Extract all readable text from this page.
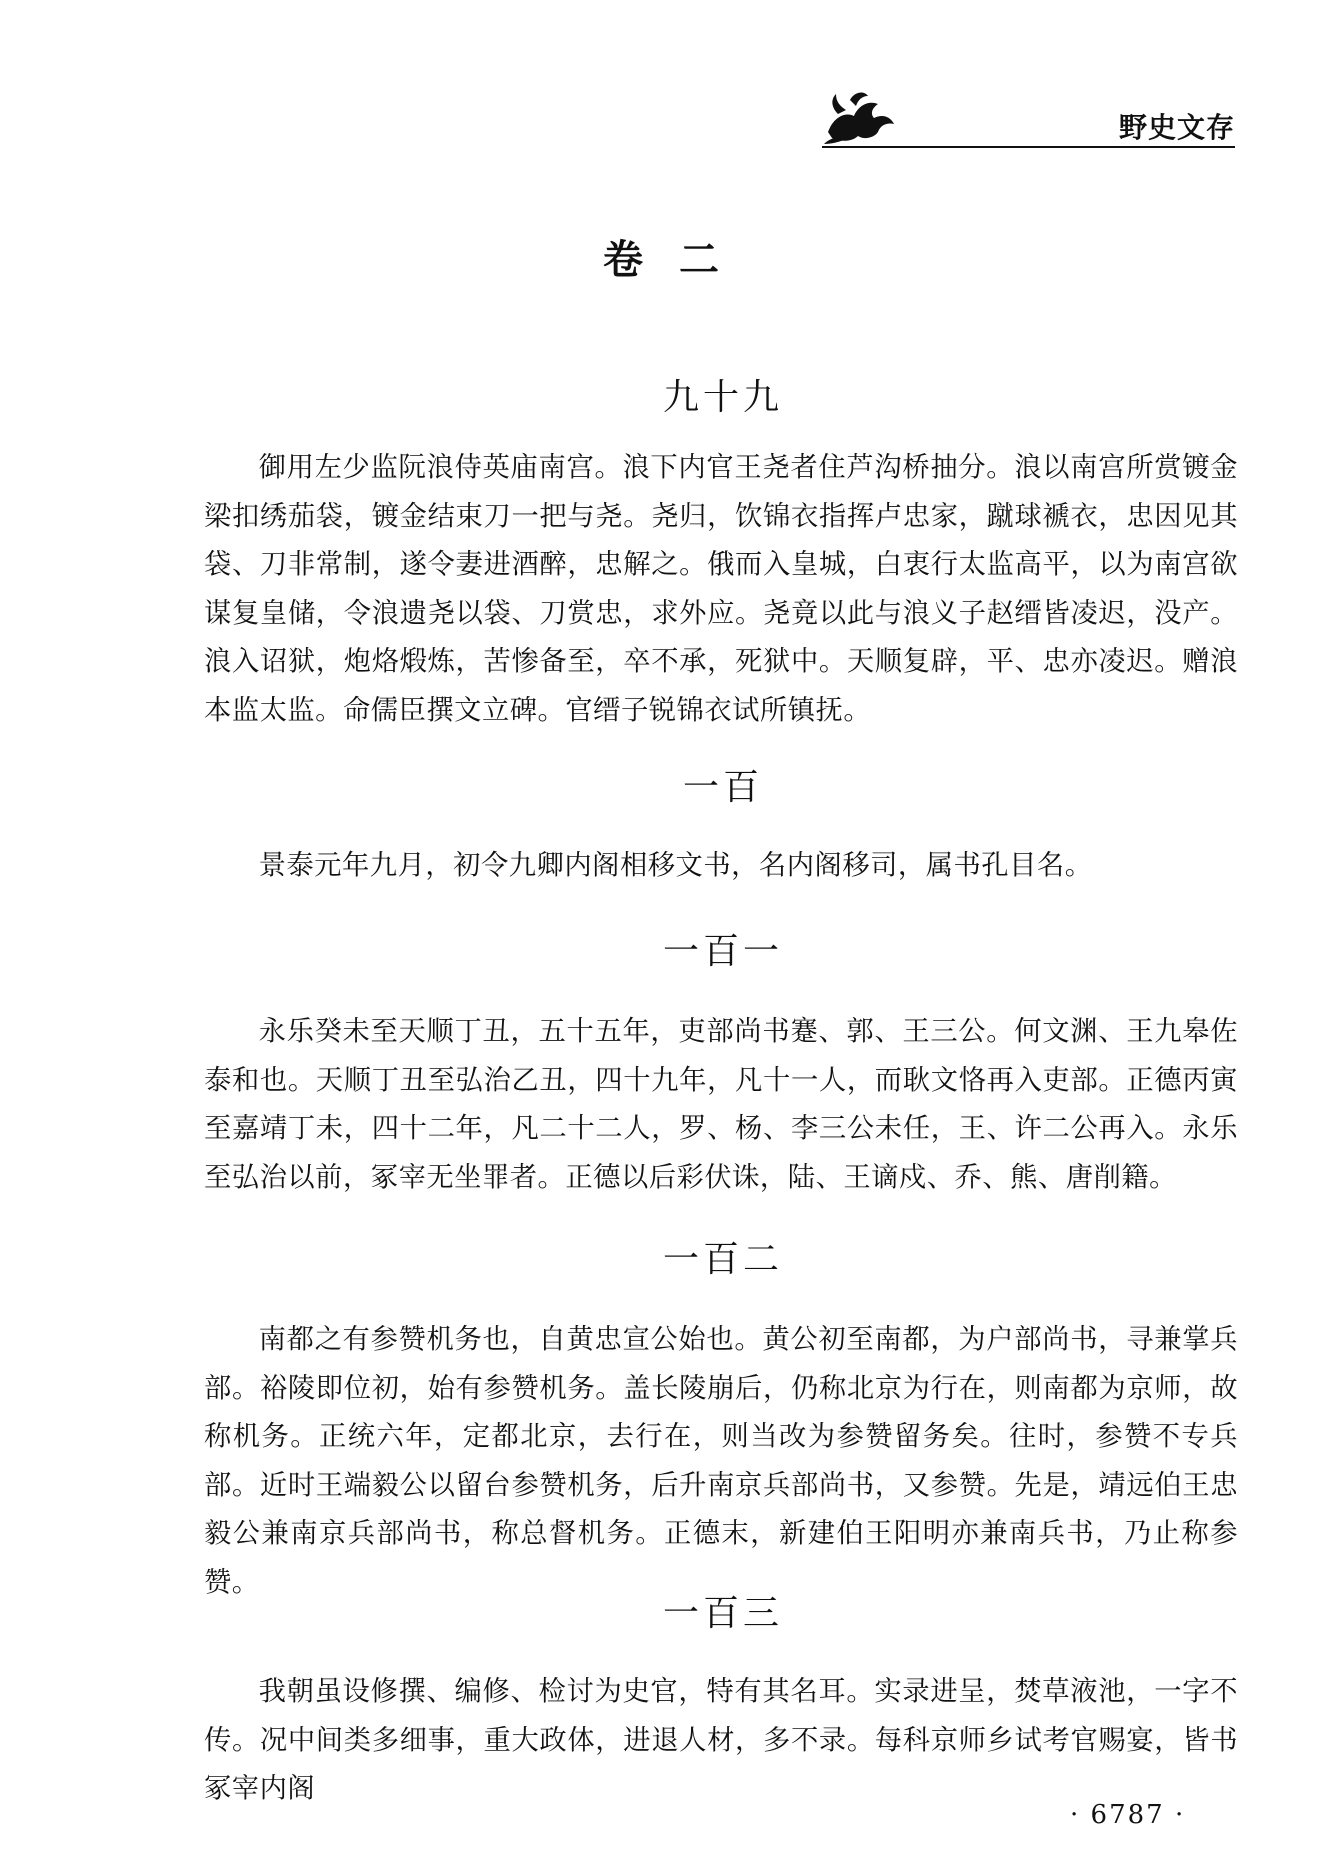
野史文存
卷二
九十九

御用左少监阮浪侍英庙南宫。浪下内官王尧者住芦沟桥抽分。浪以南宫所赏镀金梁扣绣茄袋，镀金结束刀一把与尧。尧归，饮锦衣指挥卢忠家，蹴球褫衣，忠因见其袋、刀非常制，遂令妻进酒醉，忠解之。俄而入皇城，白衷行太监高平，以为南宫欲谋复皇储，令浪遗尧以袋、刀赏忠，求外应。尧竟以此与浪义子赵缙皆凌迟，没产。浪入诏狱，炮烙煅炼，苦惨备至，卒不承，死狱中。天顺复辟，平、忠亦凌迟。赠浪本监太监。命儒臣撰文立碑。官缙子锐锦衣试所镇抚。

一百

景泰元年九月，初令九卿内阁相移文书，名内阁移司，属书孔目名。

一百一

永乐癸未至天顺丁丑，五十五年，吏部尚书蹇、郭、王三公。何文渊、王九皋佐泰和也。天顺丁丑至弘治乙丑，四十九年，凡十一人，而耿文恪再入吏部。正德丙寅至嘉靖丁未，四十二年，凡二十二人，罗、杨、李三公未任，王、许二公再入。永乐至弘治以前，冢宰无坐罪者。正德以后彩伏诛，陆、王谪戍、乔、熊、唐削籍。

一百二

南都之有参赞机务也，自黄忠宣公始也。黄公初至南都，为户部尚书，寻兼掌兵部。裕陵即位初，始有参赞机务。盖长陵崩后，仍称北京为行在，则南都为京师，故称机务。正统六年，定都北京，去行在，则当改为参赞留务矣。往时，参赞不专兵部。近时王端毅公以留台参赞机务，后升南京兵部尚书，又参赞。先是，靖远伯王忠毅公兼南京兵部尚书，称总督机务。正德末，新建伯王阳明亦兼南兵书，乃止称参赞。

一百三

我朝虽设修撰、编修、检讨为史官，特有其名耳。实录进呈，焚草液池，一字不传。况中间类多细事，重大政体，进退人材，多不录。每科京师乡试考官赐宴，皆书冢宰内阁

· 6787 ·
